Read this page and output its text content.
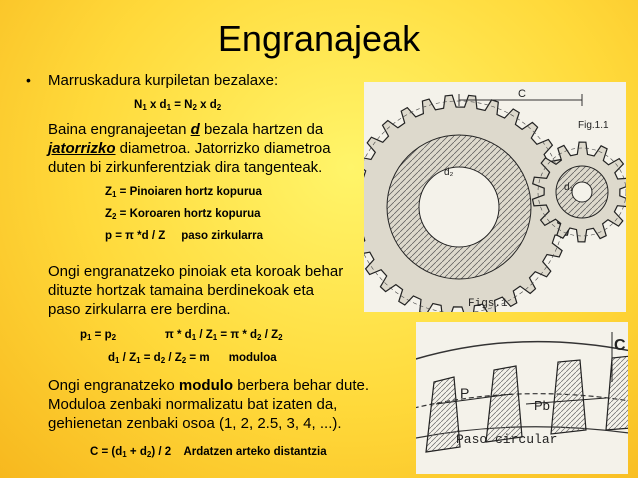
Engranajeak
• Marruskadura kurpiletan bezalaxe:
$N_1$ x $d_1 = N_2$ x $d_2$
Baina engranajeetan d bezala hartzen da
jatorrizko diametroa. Jatorrizko diametroa
duten bi zirkunferentziak dira tangenteak.
$Z_1$ = Pinoiaren hortz kopurua
$Z_2$ = Koroaren hortz kopurua
p = π *d / Z     paso zirkularra
Ongi engranatzeko pinoiak eta koroak behar
dituzte hortzak tamaina berdinekoak eta
paso zirkularra ere berdina.
$p_1 = p_2$	$\pi * d_1 / Z_1 = \pi * d_2 / Z_2$
$d_1 / Z_1 = d_2 / Z_2 = m$      moduloa
Ongi engranatzeko modulo berbera behar dute.
Moduloa zenbaki normalizatu bat izaten da,
gehienetan zenbaki osoa (1, 2, 2.5, 3, 4, ...).
$C = (d_1 + d_2) / 2$    Ardatzen arteko distantzia
C
d₂
d₁
Fig.1.1
Figs.1
C
P
Pb
Paso circular
